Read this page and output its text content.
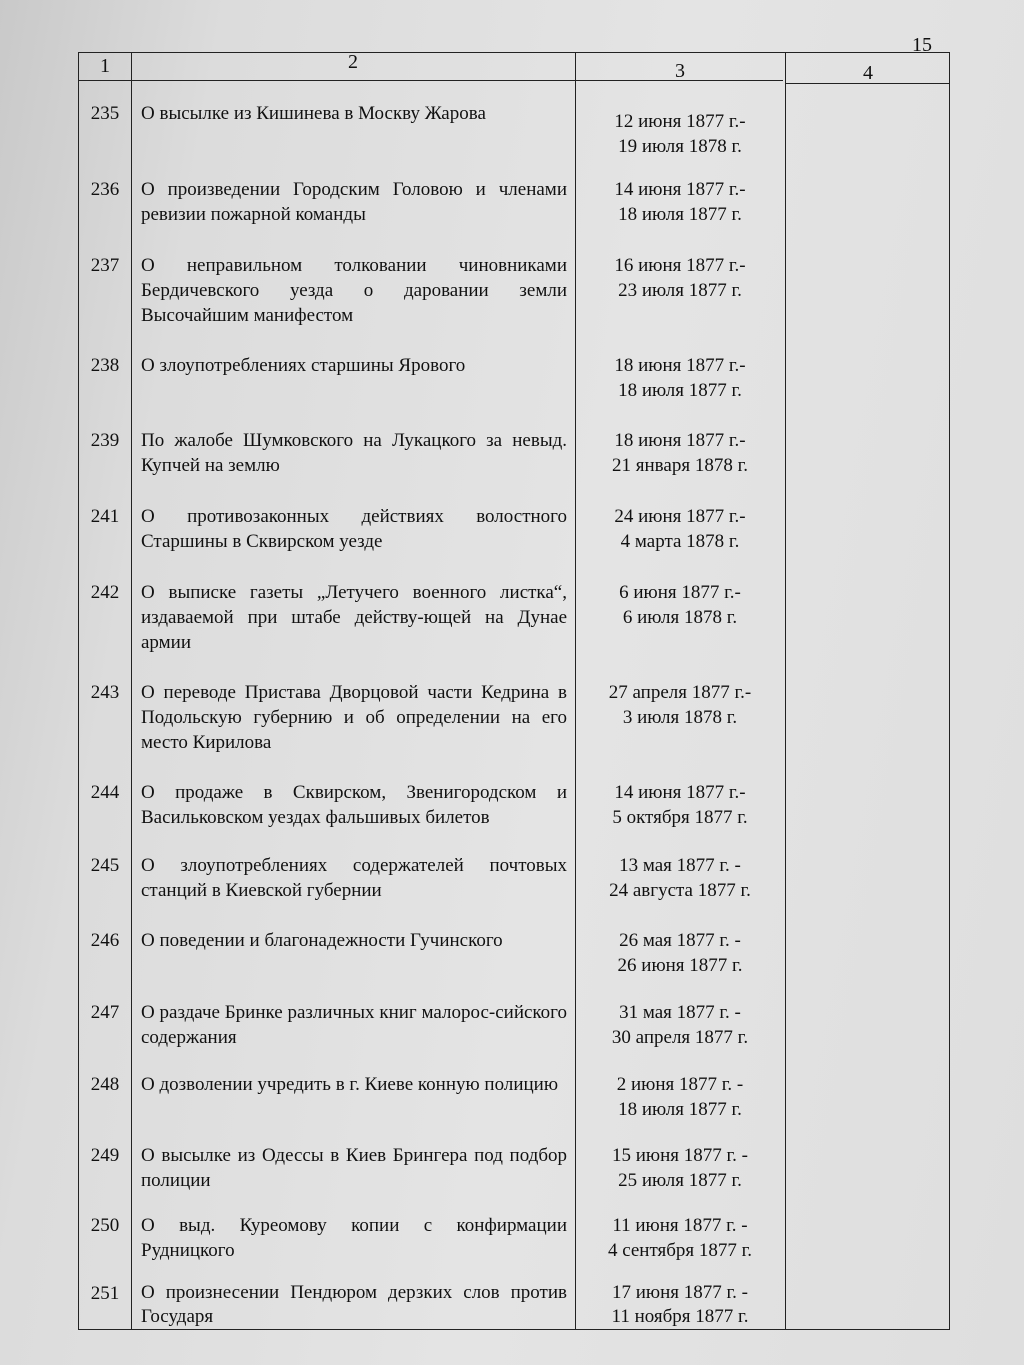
15
1	2	3	4
235	О высылке из Кишинева в Москву Жарова	12 июня 1877 г.-
19 июля 1878 г.
236	О произведении Городским Головою и членами ревизии пожарной команды
14 июня 1877 г.-
18 июля 1877 г.
237	О неправильном толковании чиновниками Бердичевского уезда о даровании земли Высочайшим манифестом
16 июня 1877 г.-
23 июля 1877 г.
238	О злоупотреблениях старшины Ярового	18 июня 1877 г.-
18 июля 1877 г.
239	По жалобе Шумковского на Лукацкого за невыд. Купчей на землю
18 июня 1877 г.-
21 января 1878 г.
241	О противозаконных действиях волостного Старшины в Сквирском уезде
24 июня 1877 г.-
4 марта 1878 г.
242	О выписке газеты „Летучего военного листка“, издаваемой при штабе действу-ющей на Дунае армии
6 июня 1877 г.-
6 июля 1878 г.
243	О переводе Пристава Дворцовой части Кедрина в Подольскую губернию и об определении на его место Кирилова
27 апреля 1877 г.-
3 июля 1878 г.
244	О продаже в Сквирском, Звенигородском и Васильковском уездах фальшивых билетов
14 июня 1877 г.-
5 октября 1877 г.
245	О злоупотреблениях содержателей почтовых станций в Киевской губернии
13 мая 1877 г. -
24 августа 1877 г.
246	О поведении и благонадежности Гучинского	26 мая 1877 г. -
26 июня 1877 г.
247	О раздаче Бринке различных книг малорос-сийского содержания
31 мая 1877 г. -
30 апреля 1877 г.
248	О дозволении учредить в г. Киеве конную полицию	2 июня 1877 г. -
18 июля 1877 г.
249	О высылке из Одессы в Киев Брингера под подбор полиции
15 июня 1877 г. -
25 июля 1877 г.
250	О выд. Куреомову копии с конфирмации Рудницкого
11 июня 1877 г. -
4 сентября 1877 г.
251	О произнесении Пендюром дерзких слов против Государя
17 июня 1877 г. -
11 ноября 1877 г.
